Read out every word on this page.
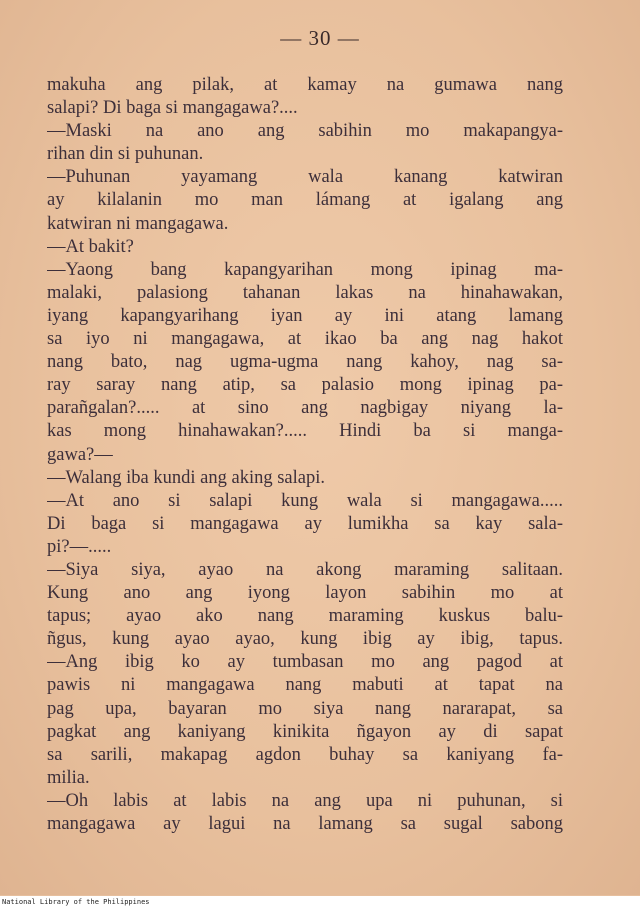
— 30 —
makuha ang pilak, at kamay na gumawa nang
salapi? Di baga si mangagawa?....
—Maski na ano ang sabihin mo makapangya-
rihan din si puhunan.
—Puhunan yayamang wala kanang katwiran
ay kilalanin mo man lámang at igalang ang
katwiran ni mangagawa.
—At bakit?
—Yaong bang kapangyarihan mong ipinag ma-
malaki, palasiong tahanan lakas na hinahawakan,
iyang kapangyarihang iyan ay ini atang lamang
sa iyo ni mangagawa, at ikao ba ang nag hakot
nang bato, nag ugma-ugma nang kahoy, nag sa-
ray saray nang atip, sa palasio mong ipinag pa-
parañgalan?..... at sino ang nagbigay niyang la-
kas mong hinahawakan?..... Hindi ba si manga-
gawa?—
—Walang iba kundi ang aking salapi.
—At ano si salapi kung wala si mangagawa.....
Di baga si mangagawa ay lumikha sa kay sala-
pi?—.....
—Siya siya, ayao na akong maraming salitaan.
Kung ano ang iyong layon sabihin mo at
tapus; ayao ako nang maraming kuskus balu-
ñgus, kung ayao ayao, kung ibig ay ibig, tapus.
—Ang ibig ko ay tumbasan mo ang pagod at
pawis ni mangagawa nang mabuti at tapat na
pag upa, bayaran mo siya nang nararapat, sa
pagkat ang kaniyang kinikita ñgayon ay di sapat
sa sarili, makapag agdon buhay sa kaniyang fa-
milia.
—Oh labis at labis na ang upa ni puhunan, si
mangagawa ay lagui na lamang sa sugal sabong
National Library of the Philippines
